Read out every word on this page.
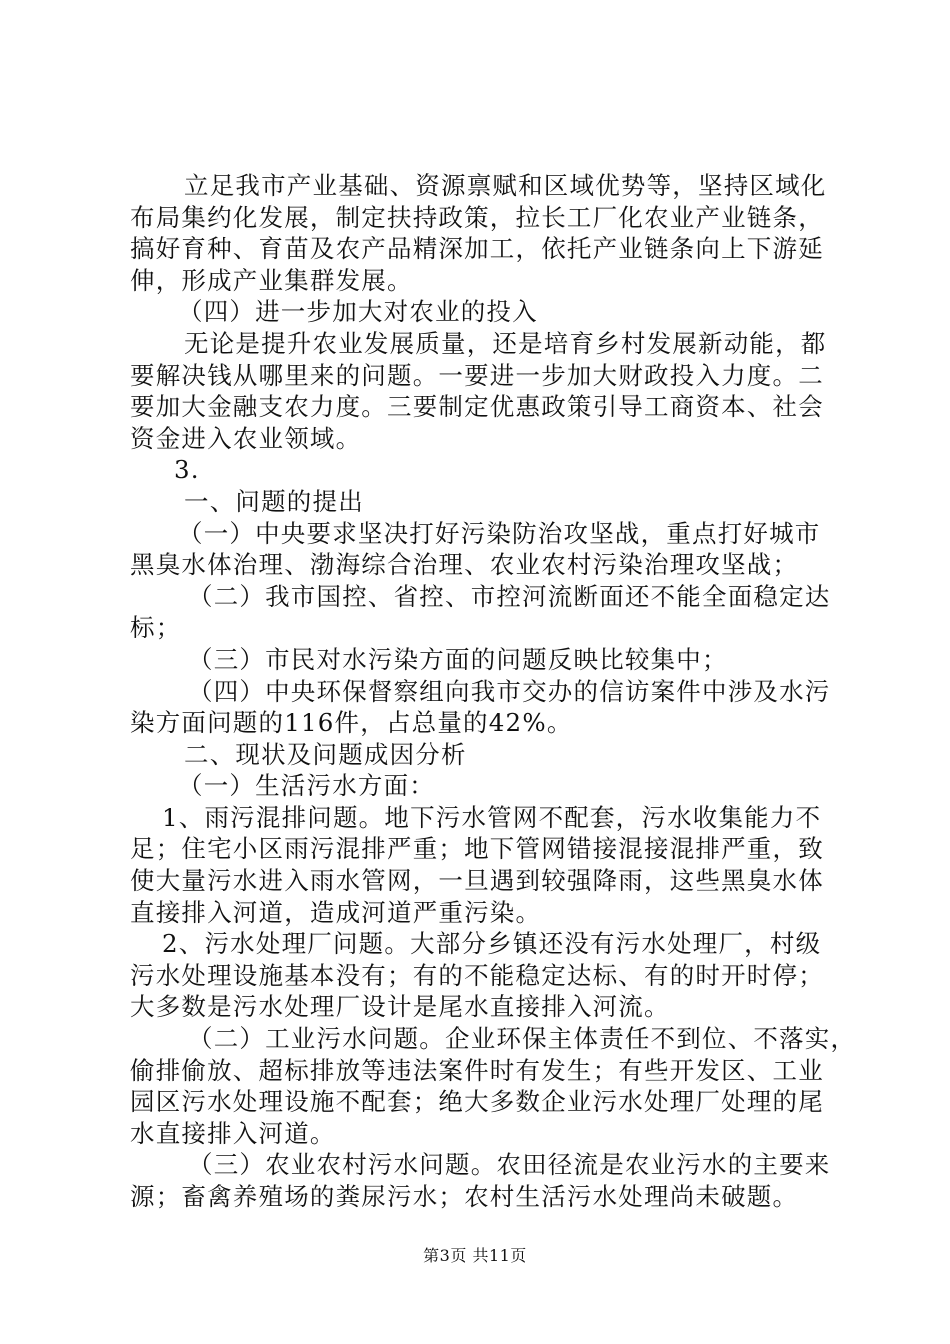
立足我市产业基础、资源禀赋和区域优势等，坚持区域化
布局集约化发展，制定扶持政策，拉长工厂化农业产业链条，
搞好育种、育苗及农产品精深加工，依托产业链条向上下游延
伸，形成产业集群发展。
（四）进一步加大对农业的投入
无论是提升农业发展质量，还是培育乡村发展新动能，都
要解决钱从哪里来的问题。一要进一步加大财政投入力度。二
要加大金融支农力度。三要制定优惠政策引导工商资本、社会
资金进入农业领域。
3.
一、问题的提出
（一）中央要求坚决打好污染防治攻坚战，重点打好城市
黑臭水体治理、渤海综合治理、农业农村污染治理攻坚战；
（二）我市国控、省控、市控河流断面还不能全面稳定达
标；
（三）市民对水污染方面的问题反映比较集中；
（四）中央环保督察组向我市交办的信访案件中涉及水污
染方面问题的116件，占总量的42%。
二、现状及问题成因分析
（一）生活污水方面：
1、雨污混排问题。地下污水管网不配套，污水收集能力不
足；住宅小区雨污混排严重；地下管网错接混接混排严重，致
使大量污水进入雨水管网，一旦遇到较强降雨，这些黑臭水体
直接排入河道，造成河道严重污染。
2、污水处理厂问题。大部分乡镇还没有污水处理厂，村级
污水处理设施基本没有；有的不能稳定达标、有的时开时停；
大多数是污水处理厂设计是尾水直接排入河流。
（二）工业污水问题。企业环保主体责任不到位、不落实，
偷排偷放、超标排放等违法案件时有发生；有些开发区、工业
园区污水处理设施不配套；绝大多数企业污水处理厂处理的尾
水直接排入河道。
（三）农业农村污水问题。农田径流是农业污水的主要来
源；畜禽养殖场的粪尿污水；农村生活污水处理尚未破题。
第3页 共11页
